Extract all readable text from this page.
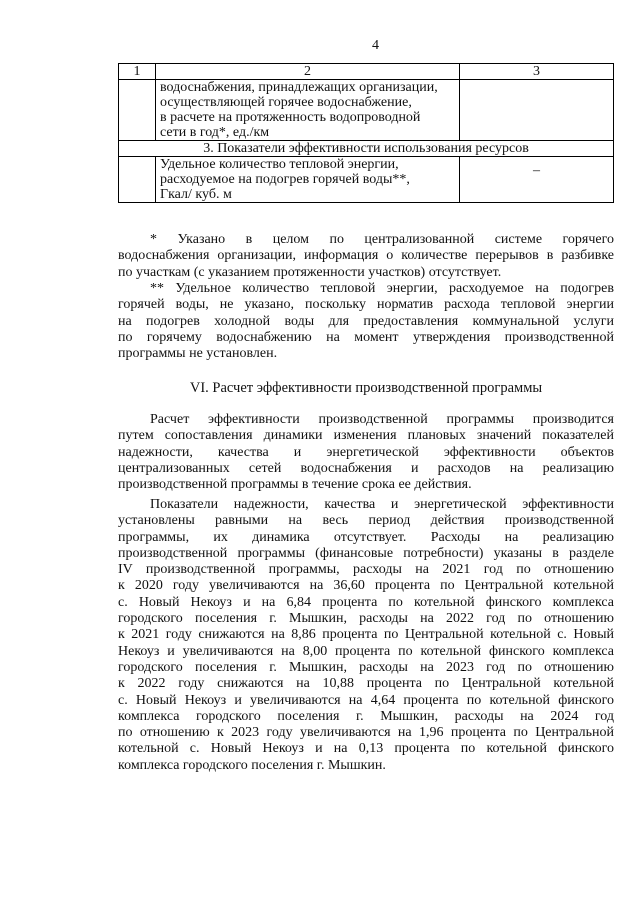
4
1	2	3

	водоснабжения, принадлежащих организации,
осуществляющей горячее водоснабжение,
в расчете на протяженность водопроводной
сети в год*, ед./км	

3. Показатели эффективности использования ресурсов		

	Удельное количество тепловой энергии,
расходуемое на подогрев горячей воды**,
Гкал/ куб. м	–
* Указано в целом по централизованной системе горячего
водоснабжения организации, информация о количестве перерывов в разбивке
по участкам (с указанием протяженности участков) отсутствует.
** Удельное количество тепловой энергии, расходуемое на подогрев
горячей воды, не указано, поскольку норматив расхода тепловой энергии
на подогрев холодной воды для предоставления коммунальной услуги
по горячему водоснабжению на момент утверждения производственной
программы не установлен.
VI. Расчет эффективности производственной программы
Расчет эффективности производственной программы производится
путем сопоставления динамики изменения плановых значений показателей
надежности, качества и энергетической эффективности объектов
централизованных сетей водоснабжения и расходов на реализацию
производственной программы в течение срока ее действия.
Показатели надежности, качества и энергетической эффективности
установлены равными на весь период действия производственной
программы, их динамика отсутствует. Расходы на реализацию
производственной программы (финансовые потребности) указаны в разделе
IV производственной программы, расходы на 2021 год по отношению
к 2020 году увеличиваются на 36,60 процента по Центральной котельной
с. Новый Некоуз и на 6,84 процента по котельной финского комплекса
городского поселения г. Мышкин, расходы на 2022 год по отношению
к 2021 году снижаются на 8,86 процента по Центральной котельной с. Новый
Некоуз и увеличиваются на 8,00 процента по котельной финского комплекса
городского поселения г. Мышкин, расходы на 2023 год по отношению
к 2022 году снижаются на 10,88 процента по Центральной котельной
с. Новый Некоуз и увеличиваются на 4,64 процента по котельной финского
комплекса городского поселения г. Мышкин, расходы на 2024 год
по отношению к 2023 году увеличиваются на 1,96 процента по Центральной
котельной с. Новый Некоуз и на 0,13 процента по котельной финского
комплекса городского поселения г. Мышкин.
